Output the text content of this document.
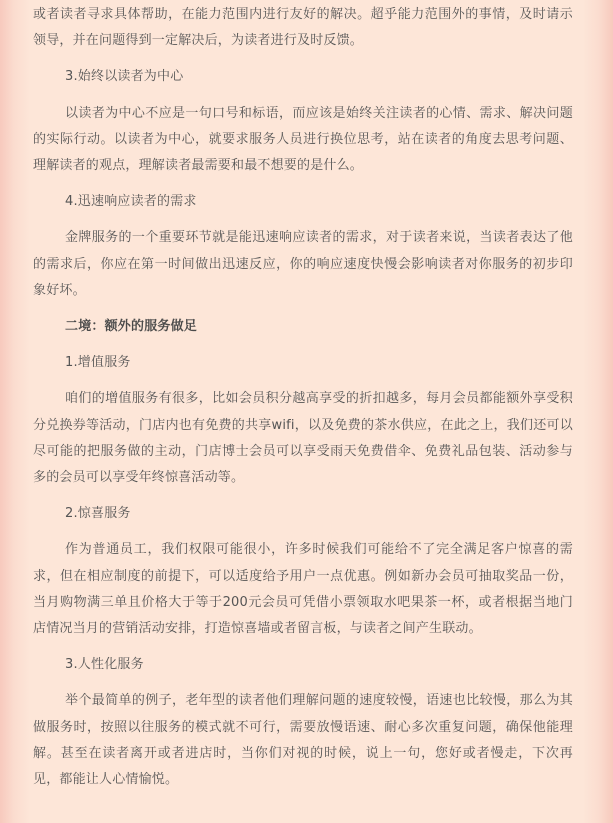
或者读者寻求具体帮助，在能力范围内进行友好的解决。超乎能力范围外的事情，及时请示领导，并在问题得到一定解决后，为读者进行及时反馈。

3.始终以读者为中心

以读者为中心不应是一句口号和标语，而应该是始终关注读者的心情、需求、解决问题的实际行动。以读者为中心，就要求服务人员进行换位思考，站在读者的角度去思考问题、理解读者的观点，理解读者最需要和最不想要的是什么。

4.迅速响应读者的需求

金牌服务的一个重要环节就是能迅速响应读者的需求，对于读者来说，当读者表达了他的需求后，你应在第一时间做出迅速反应，你的响应速度快慢会影响读者对你服务的初步印象好坏。

二境：额外的服务做足

1.增值服务

咱们的增值服务有很多，比如会员积分越高享受的折扣越多，每月会员都能额外享受积分兑换券等活动，门店内也有免费的共享wifi，以及免费的茶水供应，在此之上，我们还可以尽可能的把服务做的主动，门店博士会员可以享受雨天免费借伞、免费礼品包装、活动参与多的会员可以享受年终惊喜活动等。

2.惊喜服务

作为普通员工，我们权限可能很小，许多时候我们可能给不了完全满足客户惊喜的需求，但在相应制度的前提下，可以适度给予用户一点优惠。例如新办会员可抽取奖品一份，当月购物满三单且价格大于等于200元会员可凭借小票领取水吧果茶一杯，或者根据当地门店情况当月的营销活动安排，打造惊喜墙或者留言板，与读者之间产生联动。

3.人性化服务

举个最简单的例子，老年型的读者他们理解问题的速度较慢，语速也比较慢，那么为其做服务时，按照以往服务的模式就不可行，需要放慢语速、耐心多次重复问题，确保他能理解。甚至在读者离开或者进店时，当你们对视的时候，说上一句，您好或者慢走，下次再见，都能让人心情愉悦。
